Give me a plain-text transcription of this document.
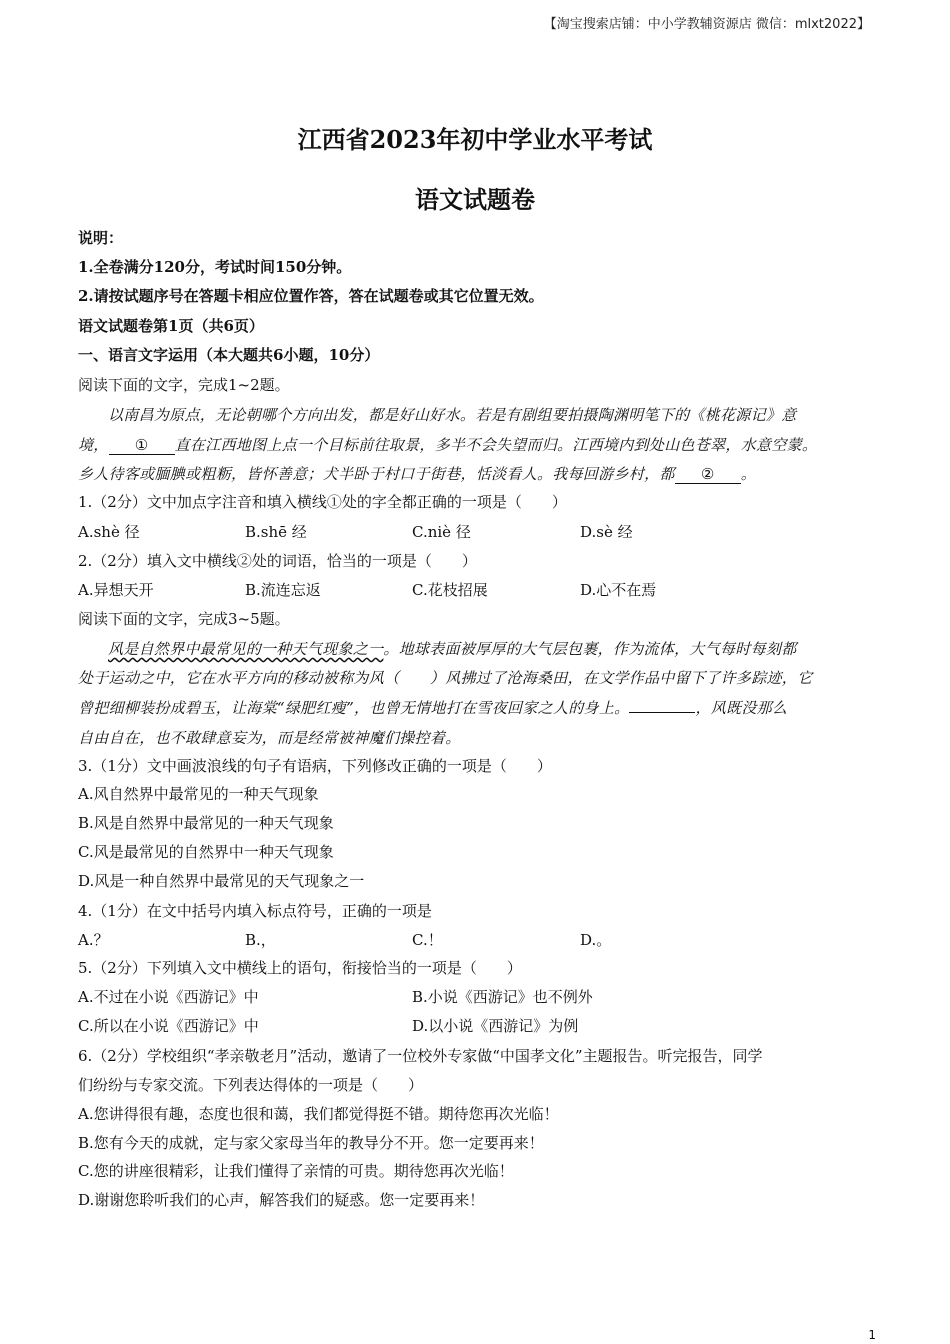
【淘宝搜索店铺：中小学教辅资源店 微信：mlxt2022】
江西省2023年初中学业水平考试
语文试题卷
说明：
1.全卷满分120分，考试时间150分钟。
2.请按试题序号在答题卡相应位置作答，答在试题卷或其它位置无效。
语文试题卷第1页（共6页）
一、语言文字运用（本大题共6小题，10分）
阅读下面的文字，完成1~2题。
以南昌为原点，无论朝哪个方向出发，都是好山好水。若是有剧组要拍摄陶渊明笔下的《桃花源记》意
境， ① 直在江西地图上点一个目标前往取景，多半不会失望而归。江西境内到处山色苍翠，水意空蒙。
乡人待客或腼腆或粗粝，皆怀善意；犬半卧于村口于街巷，恬淡看人。我每回游乡村，都 ② 。
1.（2分）文中加点字注音和填入横线①处的字全都正确的一项是（　　）
A.shè 径	B.shē 经	C.niè 径	D.sè 经
2.（2分）填入文中横线②处的词语，恰当的一项是（　　）
A.异想天开	B.流连忘返	C.花枝招展	D.心不在焉
阅读下面的文字，完成3~5题。
风是自然界中最常见的一种天气现象之一。地球表面被厚厚的大气层包裹，作为流体，大气每时每刻都
处于运动之中，它在水平方向的移动被称为风（　　）风拂过了沧海桑田，在文学作品中留下了许多踪迹，它
曾把细柳装扮成碧玉，让海棠“绿肥红瘦”，也曾无情地打在雪夜回家之人的身上。	，风既没那么
自由自在，也不敢肆意妄为，而是经常被神魔们操控着。
3.（1分）文中画波浪线的句子有语病，下列修改正确的一项是（　　）
A.风自然界中最常见的一种天气现象
B.风是自然界中最常见的一种天气现象
C.风是最常见的自然界中一种天气现象
D.风是一种自然界中最常见的天气现象之一
4.（1分）在文中括号内填入标点符号，正确的一项是
A.？	B.，	C.！	D.。
5.（2分）下列填入文中横线上的语句，衔接恰当的一项是（　　）
A.不过在小说《西游记》中	B.小说《西游记》也不例外
C.所以在小说《西游记》中	D.以小说《西游记》为例
6.（2分）学校组织“孝亲敬老月”活动，邀请了一位校外专家做“中国孝文化”主题报告。听完报告，同学
们纷纷与专家交流。下列表达得体的一项是（　　）
A.您讲得很有趣，态度也很和蔼，我们都觉得挺不错。期待您再次光临！
B.您有今天的成就，定与家父家母当年的教导分不开。您一定要再来！
C.您的讲座很精彩，让我们懂得了亲情的可贵。期待您再次光临！
D.谢谢您聆听我们的心声，解答我们的疑惑。您一定要再来！
1
